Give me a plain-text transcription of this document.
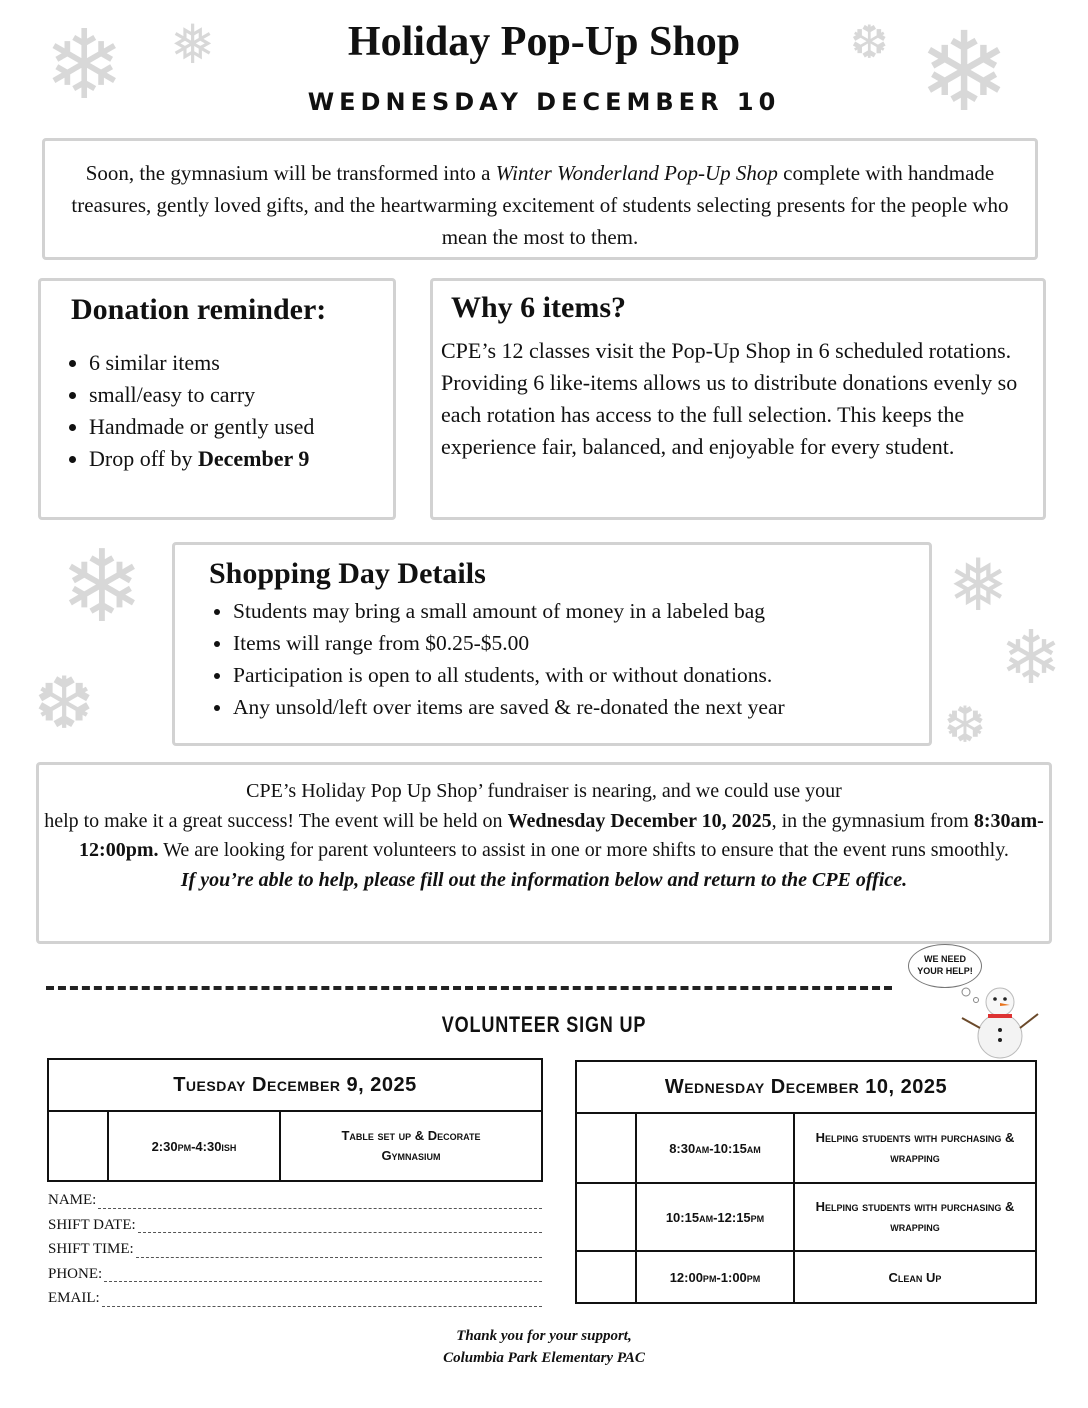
❄ ❅	❆ ❄
❄
❆
❅
❄
❆
Holiday Pop-Up Shop
WEDNESDAY DECEMBER 10

Soon, the gymnasium will be transformed into a Winter Wonderland Pop-Up Shop complete with handmade treasures, gently loved gifts, and the heartwarming excitement of students selecting presents for the people who mean the most to them.

Donation reminder:
• 6 similar items
• small/easy to carry
• Handmade or gently used
• Drop off by December 9
Why 6 items?

CPE’s 12 classes visit the Pop-Up Shop in 6 scheduled rotations. Providing 6 like-items allows us to distribute donations evenly so each rotation has access to the full selection. This keeps the experience fair, balanced, and enjoyable for every student.

Shopping Day Details
• Students may bring a small amount of money in a labeled bag
• Items will range from $0.25-$5.00
• Participation is open to all students, with or without donations.
• Any unsold/left over items are saved & re-donated the next year

CPE’s Holiday Pop Up Shop’ fundraiser is nearing, and we could use your
help to make it a great success! The event will be held on Wednesday December 10, 2025, in the gymnasium from 8:30am-12:00pm. We are looking for parent volunteers to assist in one or more shifts to ensure that the event runs smoothly.
If you’re able to help, please fill out the information below and return to the CPE office.

VOLUNTEER SIGN UP
WE NEED
YOUR HELP!
Tuesday December 9, 2025
	2:30pm-4:30ish	Table set up & Decorate Gymnasium
Wednesday December 10, 2025		
	8:30am-10:15am	Helping students with purchasing & wrapping
	10:15am-12:15pm	Helping students with purchasing & wrapping
	12:00pm-1:00pm	Clean Up
NAME:
SHIFT DATE:
SHIFT TIME:
PHONE:
EMAIL:
Thank you for your support,
Columbia Park Elementary PAC
